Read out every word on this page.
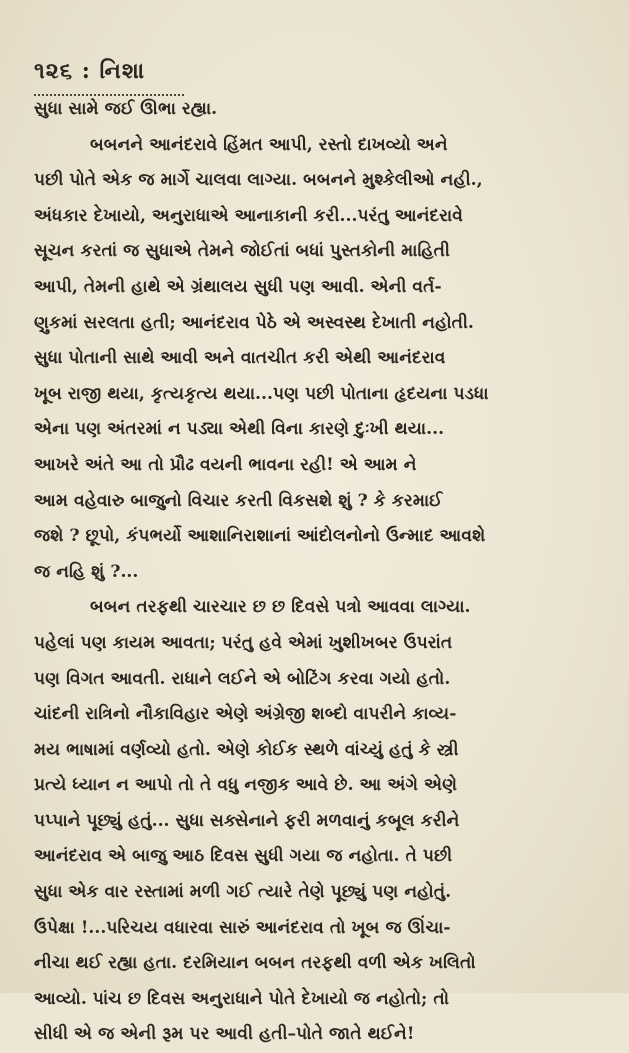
૧૨૬ : નિશા
સુધા સામે જઈ ઊભા રહ્યા.
બબનને આનંદરાવે હિંમત આપી, રસ્તો દાખવ્યો અને
પછી પોતે એક જ માર્ગે ચાલવા લાગ્યા. બબનને મુશ્કેલીઓ નહી.,
અંધકાર દેખાયો, અનુરાધાએ આનાકાની કરી...પરંતુ આનંદરાવે
સૂચન કરતાં જ સુધાએ તેમને જોઈતાં બધાં પુસ્તકોની માહિતી
આપી, તેમની હાથે એ ગ્રંથાલય સુધી પણ આવી. એની વર્ત-
ણુકમાં સરલતા હતી; આનંદરાવ પેઠે એ અસ્વસ્થ દેખાતી નહોતી.
સુધા પોતાની સાથે આવી અને વાતચીત કરી એથી આનંદરાવ
ખૂબ રાજી થયા, કૃત્યકૃત્ય થયા...પણ પછી પોતાના હૃદયના પડધા
એના પણ અંતરમાં ન પડ્યા એથી વિના કારણે દુઃખી થયા...
આખરે અંતે આ તો પ્રૌઢ વયની ભાવના રહી! એ આમ ને
આમ વહેવારુ બાજુનો વિચાર કરતી વિકસશે શું ? કે કરમાઈ
જશે ? છૂપો, કંપભર્યો આશાનિરાશાનાં આંદોલનોનો ઉન્માદ આવશે
જ નહિ શું ?...
બબન તરફથી ચારચાર છ છ દિવસે પત્રો આવવા લાગ્યા.
પહેલાં પણ કાયમ આવતા; પરંતુ હવે એમાં ખુશીખબર ઉપરાંત
પણ વિગત આવતી. રાધાને લઈને એ બોટિંગ કરવા ગયો હતો.
ચાંદની રાત્રિનો નૌકાવિહાર એણે અંગ્રેજી શબ્દો વાપરીને કાવ્ય-
મય ભાષામાં વર્ણવ્યો હતો. એણે કોઈક સ્થળે વાંચ્યું હતું કે સ્ત્રી
પ્રત્યે ધ્યાન ન આપો તો તે વધુ નજીક આવે છે. આ અંગે એણે
પપ્પાને પૂછ્યું હતું... સુધા સક્સેનાને ફરી મળવાનું કબૂલ કરીને
આનંદરાવ એ બાજુ આઠ દિવસ સુધી ગયા જ નહોતા. તે પછી
સુધા એક વાર રસ્તામાં મળી ગઈ ત્યારે તેણે પૂછ્યું પણ નહોતું.
ઉપેક્ષા !...પરિચય વધારવા સારું આનંદરાવ તો ખૂબ જ ઊંચા-
નીચા થઈ રહ્યા હતા. દરમિયાન બબન તરફથી વળી એક ખલિતો
આવ્યો. પાંચ છ દિવસ અનુરાધાને પોતે દેખાયો જ નહોતો; તો
સીધી એ જ એની રૂમ પર આવી હતી–પોતે જાતે થઈને!
